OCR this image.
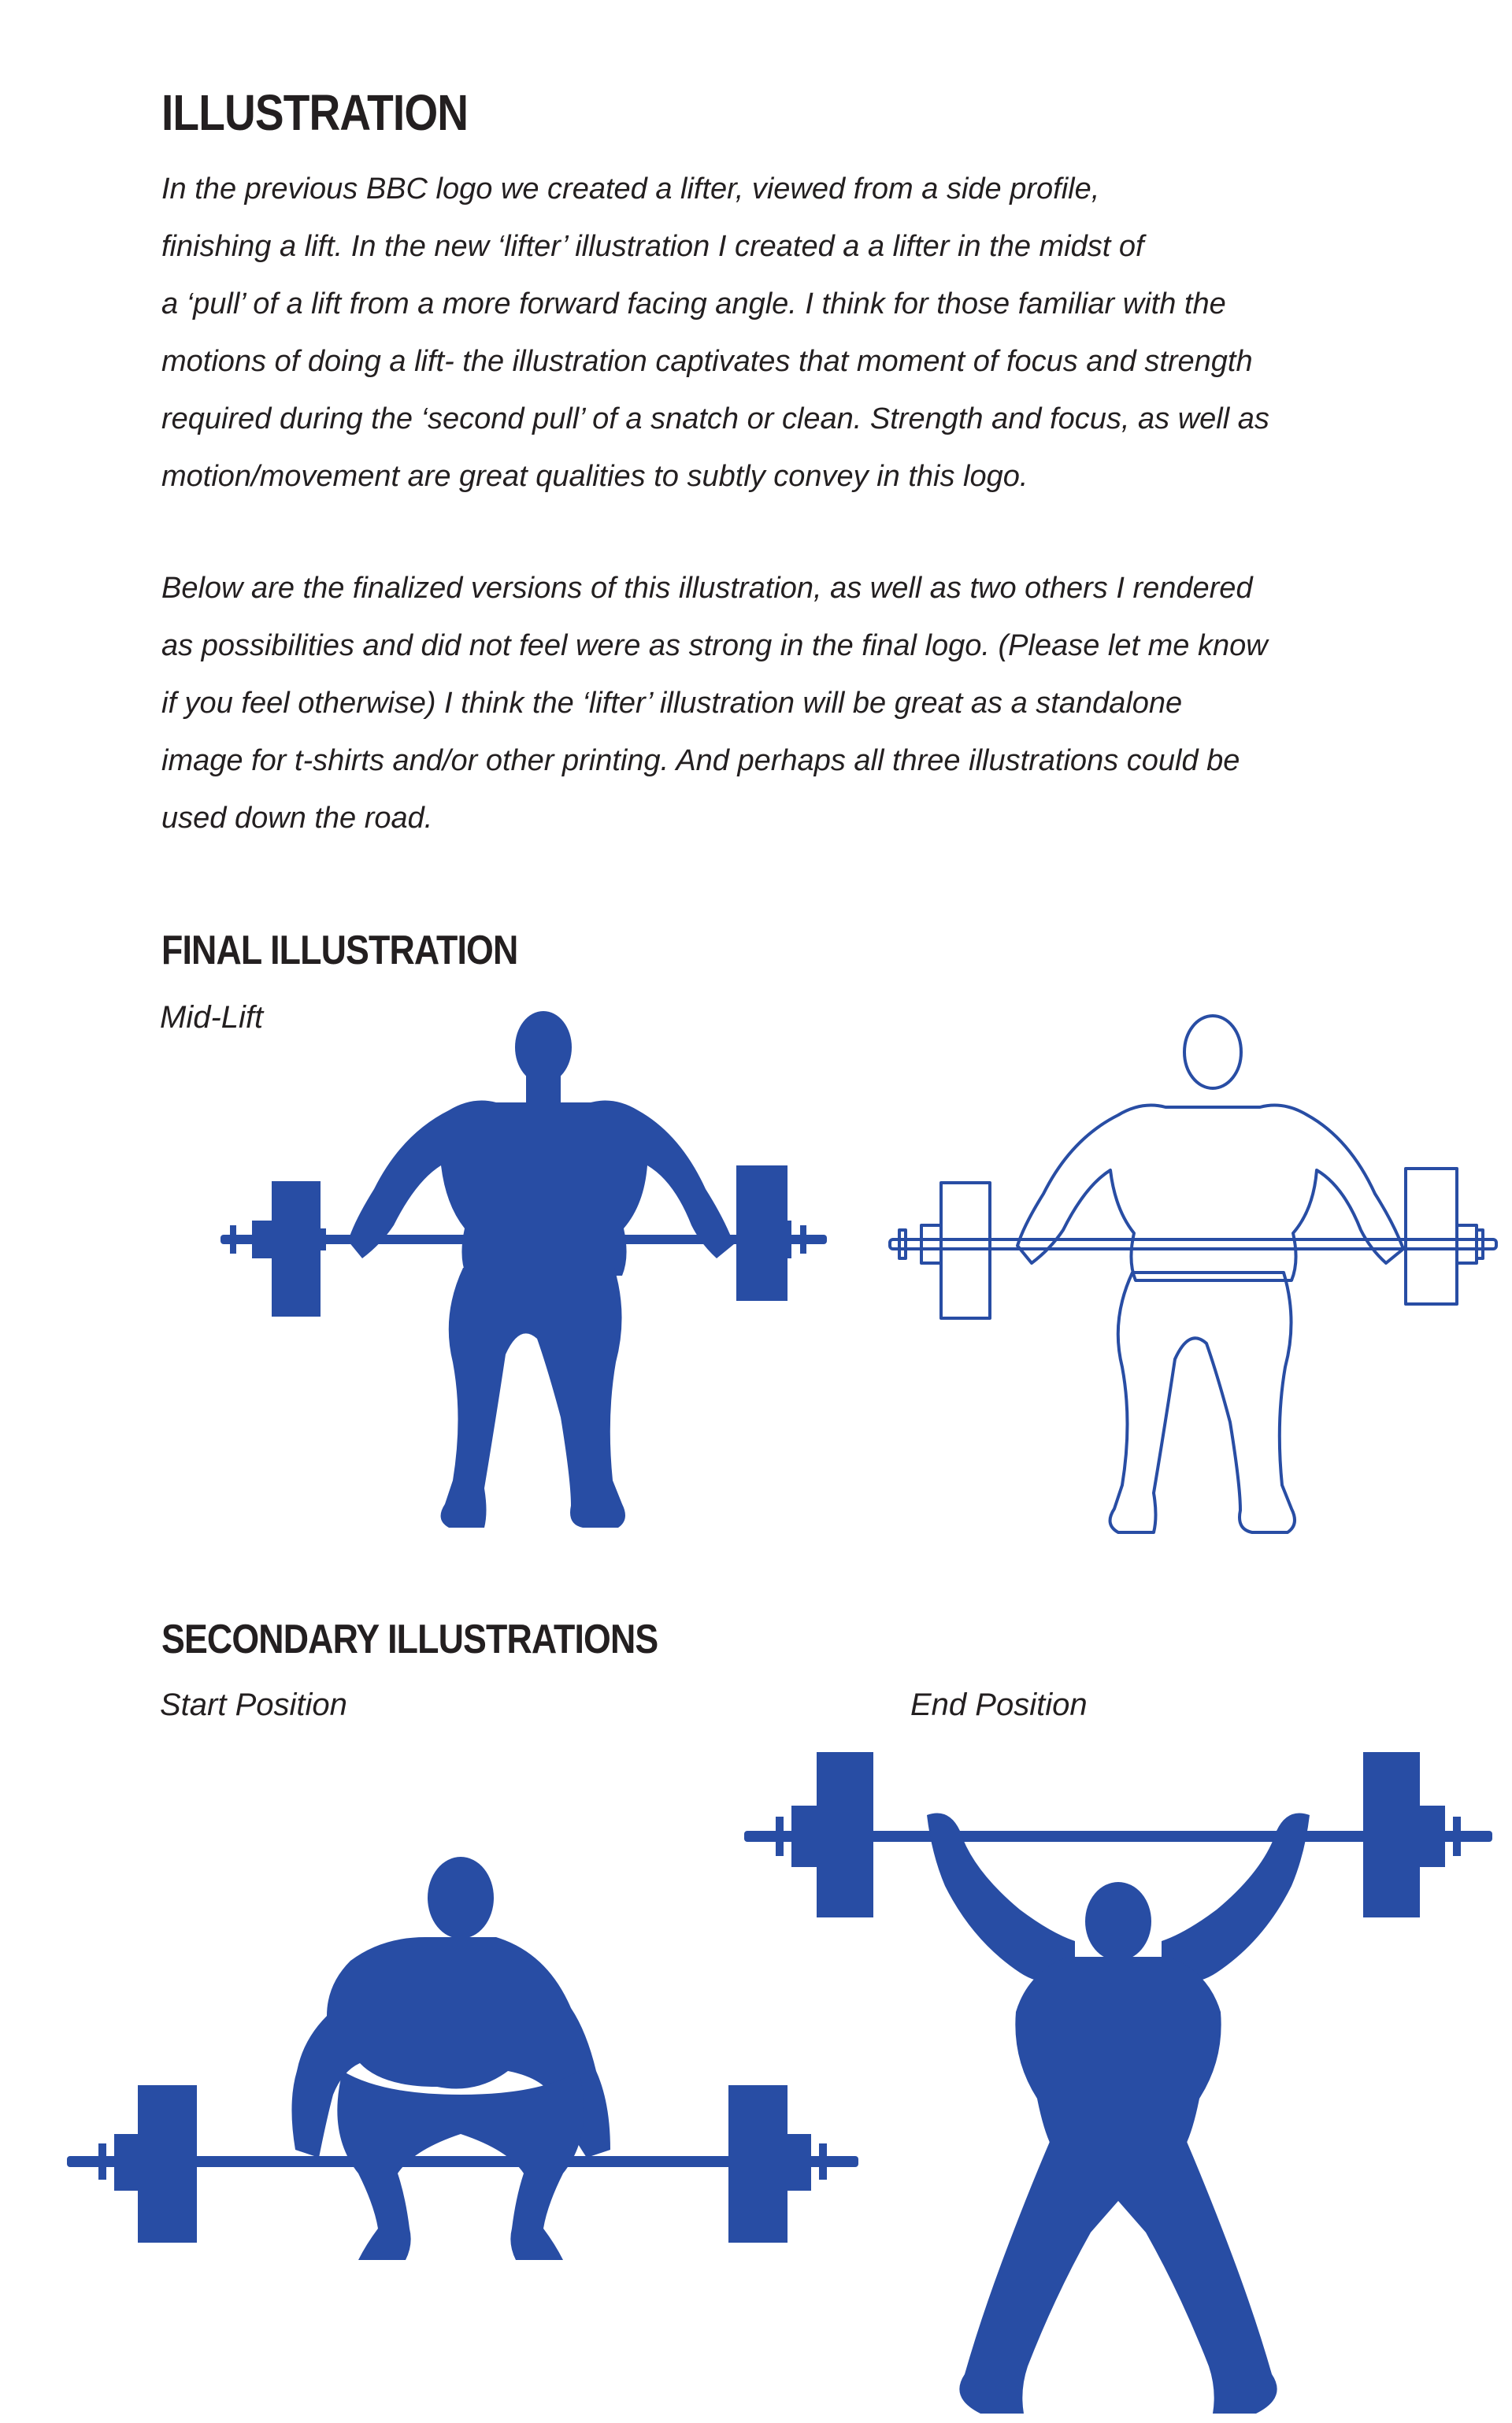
ILLUSTRATION

In the previous BBC logo we created a lifter, viewed from a side profile,
finishing a lift. In the new ‘lifter’ illustration I created a a lifter in the midst of
a ‘pull’ of a lift from a more forward facing angle. I think for those familiar with the
motions of doing a lift- the illustration captivates that moment of focus and strength
required during the ‘second pull’ of a snatch or clean. Strength and focus, as well as
motion/movement are great qualities to subtly convey in this logo.

Below are the finalized versions of this illustration, as well as two others I rendered
as possibilities and did not feel were as strong in the final logo. (Please let me know
if you feel otherwise) I think the ‘lifter’ illustration will be great as a standalone
image for t-shirts and/or other printing. And perhaps all three illustrations could be
used down the road.

FINAL ILLUSTRATION

Mid-Lift

SECONDARY ILLUSTRATIONS

Start Position	End Position
